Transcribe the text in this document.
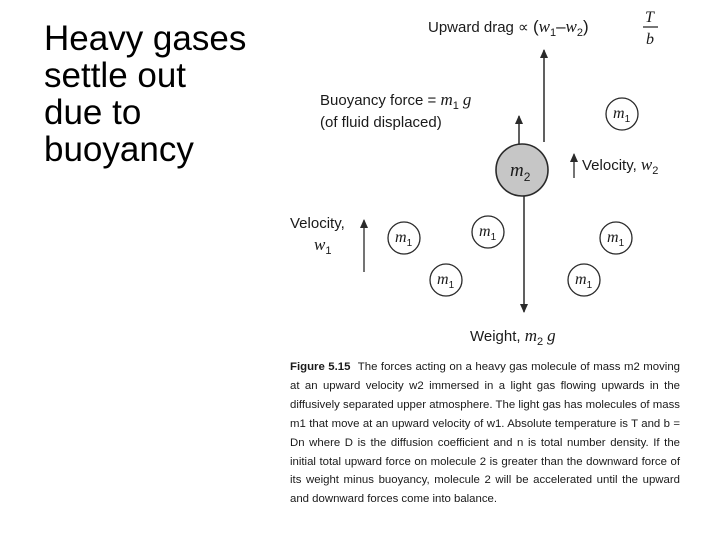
Heavy gases
settle out
due to
buoyancy
Upward drag ∝ $(w_1-w_2)$	T
b
Buoyancy force = $m_1$ g
(of fluid displaced)
Velocity, $w_2$
Velocity,
$w_1$
$m_2$
$m_1$
$m_1$
$m_1$	$m_1$
$m_1$	$m_1$
Weight, $m_2$ g

Figure 5.15 The forces acting on a heavy gas molecule of mass m2 moving at an upward velocity w2 immersed in a light gas flowing upwards in the diffusively separated upper atmosphere. The light gas has molecules of mass m1 that move at an upward velocity of w1. Absolute temperature is T and b = Dn where D is the diffusion coefficient and n is total number density. If the initial total upward force on molecule 2 is greater than the downward force of its weight minus buoyancy, molecule 2 will be accelerated until the upward and downward forces come into balance.
